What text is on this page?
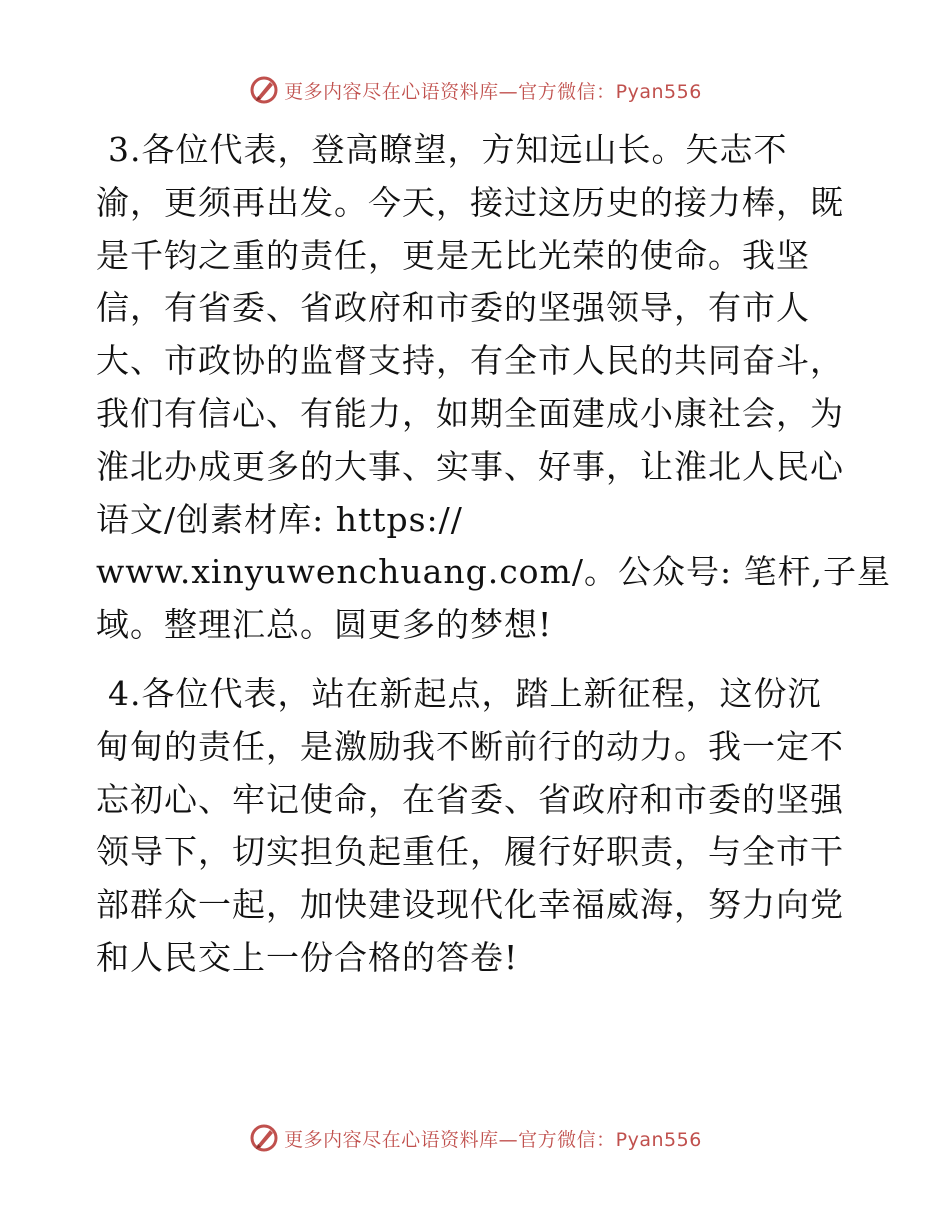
更多内容尽在心语资料库—官方微信：Pyan556

3.各位代表，登高瞭望，方知远山长。矢志不
渝，更须再出发。今天，接过这历史的接力棒，既
是千钧之重的责任，更是无比光荣的使命。我坚
信，有省委、省政府和市委的坚强领导，有市人
大、市政协的监督支持，有全市人民的共同奋斗，
我们有信心、有能力，如期全面建成小康社会，为
淮北办成更多的大事、实事、好事，让淮北人民心
语文/创素材库: https://
www.xinyuwenchuang.com/。公众号: 笔杆,子星
域。整理汇总。圆更多的梦想!

4.各位代表，站在新起点，踏上新征程，这份沉
甸甸的责任，是激励我不断前行的动力。我一定不
忘初心、牢记使命，在省委、省政府和市委的坚强
领导下，切实担负起重任，履行好职责，与全市干
部群众一起，加快建设现代化幸福威海，努力向党
和人民交上一份合格的答卷!

更多内容尽在心语资料库—官方微信：Pyan556
